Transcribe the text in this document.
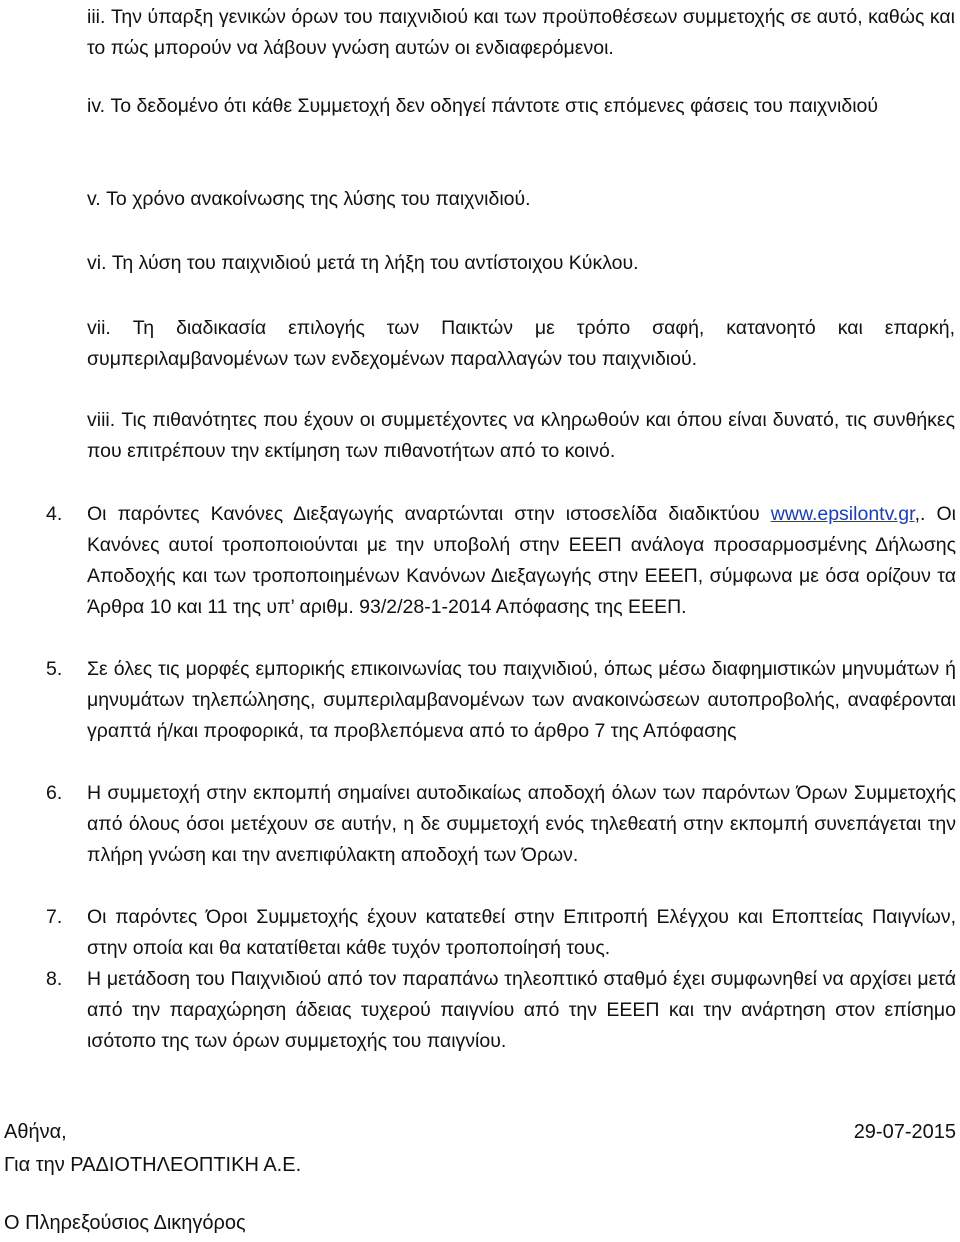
iii. Την ύπαρξη γενικών όρων του παιχνιδιού και των προϋποθέσεων συμμετοχής σε αυτό, καθώς και το πώς μπορούν να λάβουν γνώση αυτών οι ενδιαφερόμενοι.

iv. Το δεδομένο ότι κάθε Συμμετοχή δεν οδηγεί πάντοτε στις επόμενες φάσεις του παιχνιδιού

v. Το χρόνο ανακοίνωσης της λύσης του παιχνιδιού.

vi. Τη λύση του παιχνιδιού μετά τη λήξη του αντίστοιχου Κύκλου.

vii. Τη διαδικασία επιλογής των Παικτών με τρόπο σαφή, κατανοητό και επαρκή, συμπεριλαμβανομένων των ενδεχομένων παραλλαγών του παιχνιδιού.

viii. Τις πιθανότητες που έχουν οι συμμετέχοντες να κληρωθούν και όπου είναι δυνατό, τις συνθήκες που επιτρέπουν την εκτίμηση των πιθανοτήτων από το κοινό.

4.	Οι παρόντες Κανόνες Διεξαγωγής αναρτώνται στην ιστοσελίδα διαδικτύου www.epsilontv.gr,. Οι Κανόνες αυτοί τροποποιούνται με την υποβολή στην ΕΕΕΠ ανάλογα προσαρμοσμένης Δήλωσης Αποδοχής και των τροποποιημένων Κανόνων Διεξαγωγής στην ΕΕΕΠ, σύμφωνα με όσα ορίζουν τα Άρθρα 10 και 11 της υπ’ αριθμ. 93/2/28-1-2014 Απόφασης της ΕΕΕΠ.
5.	Σε όλες τις μορφές εμπορικής επικοινωνίας του παιχνιδιού, όπως μέσω διαφημιστικών μηνυμάτων ή μηνυμάτων τηλεπώλησης, συμπεριλαμβανομένων των ανακοινώσεων αυτοπροβολής, αναφέρονται γραπτά ή/και προφορικά, τα προβλεπόμενα από το άρθρο 7 της Απόφασης
6.	Η συμμετοχή στην εκπομπή σημαίνει αυτοδικαίως αποδοχή όλων των παρόντων Όρων Συμμετοχής από όλους όσοι μετέχουν σε αυτήν, η δε συμμετοχή ενός τηλεθεατή στην εκπομπή συνεπάγεται την πλήρη γνώση και την ανεπιφύλακτη αποδοχή των Όρων.
7.	Οι παρόντες Όροι Συμμετοχής έχουν κατατεθεί στην Επιτροπή Ελέγχου και Εποπτείας Παιγνίων, στην οποία και θα κατατίθεται κάθε τυχόν τροποποίησή τους.
8.	Η μετάδοση του Παιχνιδιού από τον παραπάνω τηλεοπτικό σταθμό έχει συμφωνηθεί να αρχίσει μετά από την παραχώρηση άδειας τυχερού παιγνίου από την ΕΕΕΠ και την ανάρτηση στον επίσημο ισότοπο της των όρων συμμετοχής του παιγνίου.
Αθήνα,	29-07-2015
Για την ΡΑΔΙΟΤΗΛΕΟΠΤΙΚΗ Α.Ε.
Ο Πληρεξούσιος Δικηγόρος
